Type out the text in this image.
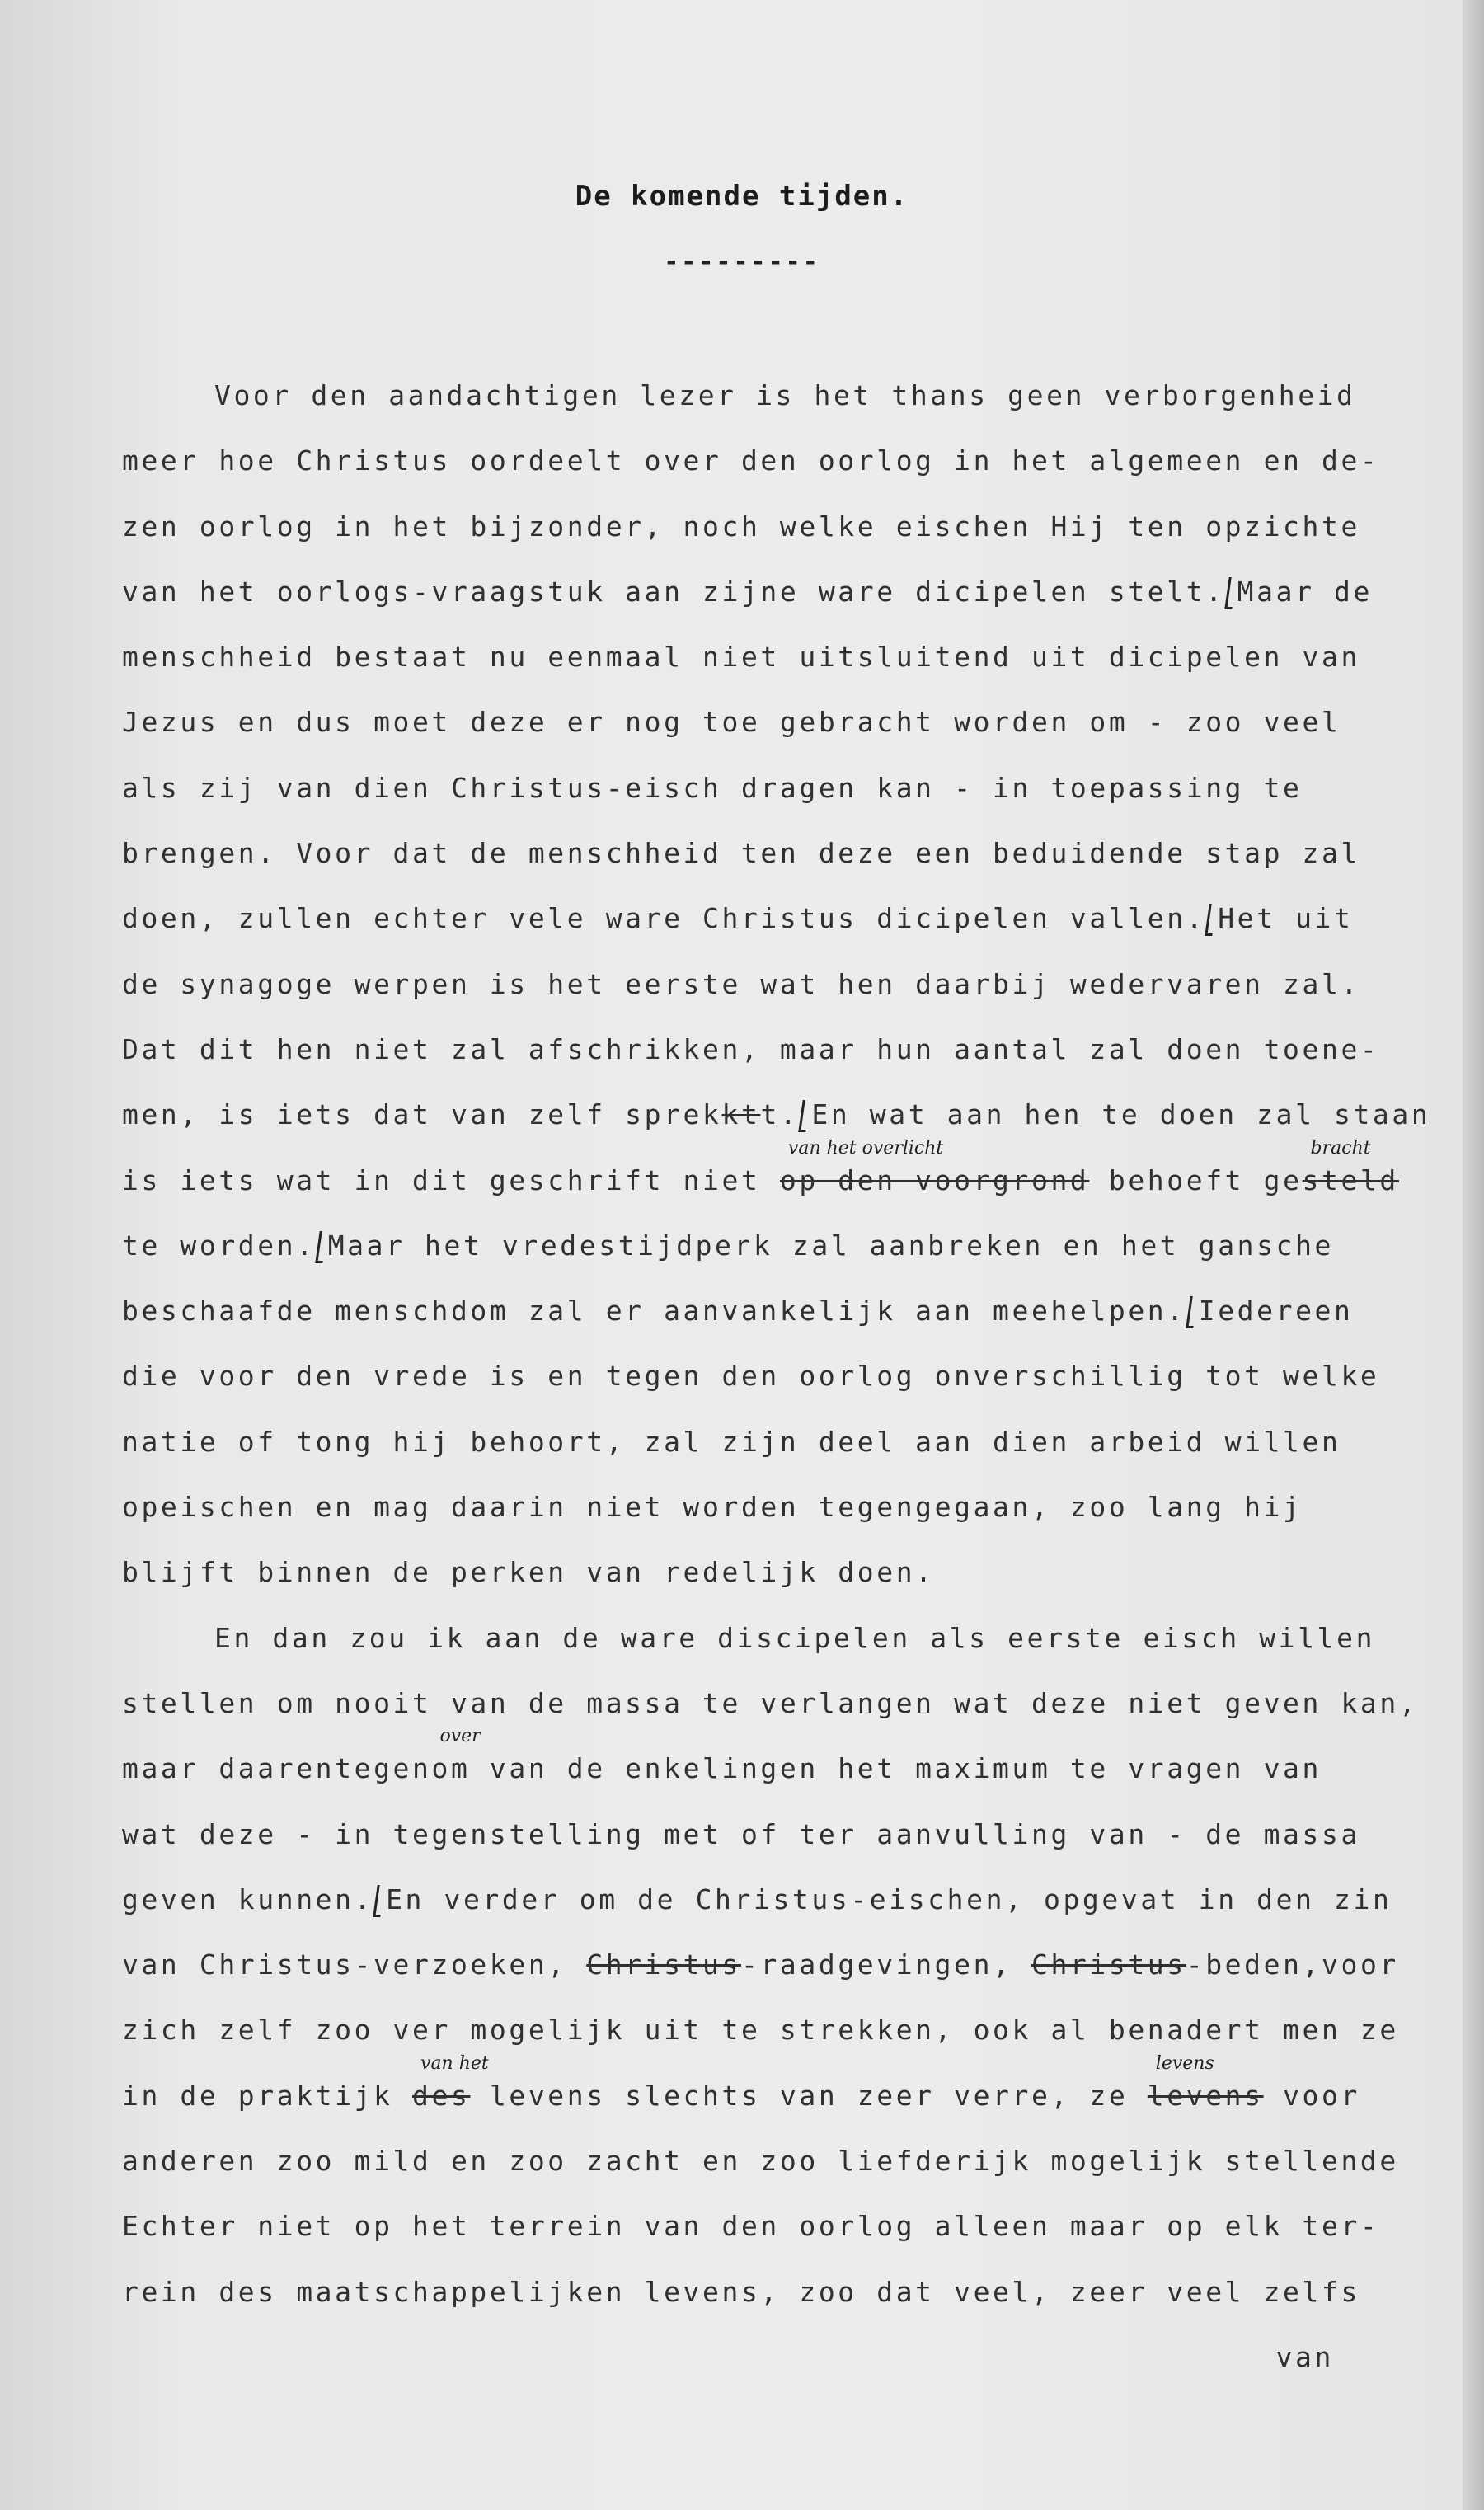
De komende tijden.
---------
Voor den aandachtigen lezer is het thans geen verborgenheid
meer hoe Christus oordeelt over den oorlog in het algemeen en de-
zen oorlog in het bijzonder, noch welke eischen Hij ten opzichte
van het oorlogs-vraagstuk aan zijne ware dicipelen stelt. Maar de
menschheid bestaat nu eenmaal niet uitsluitend uit dicipelen van
Jezus en dus moet deze er nog toe gebracht worden om - zoo veel
als zij van dien Christus-eisch dragen kan - in toepassing te
brengen. Voor dat de menschheid ten deze een beduidende stap zal
doen, zullen echter vele ware Christus dicipelen vallen. Het uit
de synagoge werpen is het eerste wat hen daarbij wedervaren zal.
Dat dit hen niet zal afschrikken, maar hun aantal zal doen toene-
men, is iets dat van zelf sprekktt. En wat aan hen te doen zal staan
is iets wat in dit geschrift niet op den voorgrond
van het overlicht
behoeft gesteld
bracht
te worden. Maar het vredestijdperk zal aanbreken en het gansche
beschaafde menschdom zal er aanvankelijk aan meehelpen. Iedereen
die voor den vrede is en tegen den oorlog onverschillig tot welke
natie of tong hij behoort, zal zijn deel aan dien arbeid willen
opeischen en mag daarin niet worden tegengegaan, zoo lang hij
blijft binnen de perken van redelijk doen.
En dan zou ik aan de ware discipelen als eerste eisch willen
stellen om nooit van de massa te verlangen wat deze niet geven kan,
maar daarentegen
over
om van de enkelingen het maximum te vragen van
wat deze - in tegenstelling met of ter aanvulling van - de massa
geven kunnen. En verder om de Christus-eischen, opgevat in den zin
van Christus-verzoeken, Christus-raadgevingen, Christus-beden,voor
zich zelf zoo ver mogelijk uit te strekken, ook al benadert men ze
in de praktijk des
van het
levens slechts van zeer verre, ze levens
levens
voor
anderen zoo mild en zoo zacht en zoo liefderijk mogelijk stellende
Echter niet op het terrein van den oorlog alleen maar op elk ter-
rein des maatschappelijken levens, zoo dat veel, zeer veel zelfs
van
